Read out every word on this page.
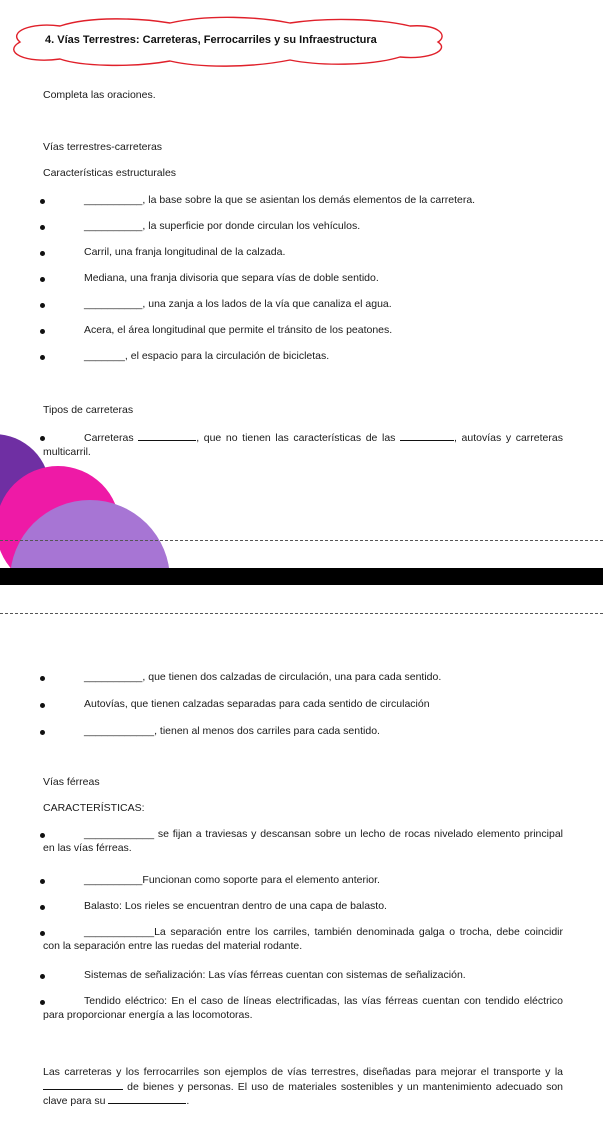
4. Vías Terrestres: Carreteras, Ferrocarriles y su Infraestructura
Completa las oraciones.
Vías terrestres-carreteras
Características estructurales
__________, la base sobre la que se asientan los demás elementos de la carretera.
__________, la superficie por donde circulan los vehículos.
Carril, una franja longitudinal de la calzada.
Mediana, una franja divisoria que separa vías de doble sentido.
__________, una zanja a los lados de la vía que canaliza el agua.
Acera, el área longitudinal que permite el tránsito de los peatones.
_______, el espacio para la circulación de bicicletas.
Tipos de carreteras
Carreteras	, que no tienen las características de las	, autovías y carreteras multicarril.
__________, que tienen dos calzadas de circulación, una para cada sentido.
Autovías, que tienen calzadas separadas para cada sentido de circulación
____________, tienen al menos dos carriles para cada sentido.
Vías férreas
CARACTERÍSTICAS:
____________ se fijan a traviesas y descansan sobre un lecho de rocas nivelado elemento principal en las vías férreas.
__________Funcionan como soporte para el elemento anterior.
Balasto: Los rieles se encuentran dentro de una capa de balasto.
____________La separación entre los carriles, también denominada galga o trocha, debe coincidir con la separación entre las ruedas del material rodante.
Sistemas de señalización: Las vías férreas cuentan con sistemas de señalización.
Tendido eléctrico: En el caso de líneas electrificadas, las vías férreas cuentan con tendido eléctrico para proporcionar energía a las locomotoras.
Las carreteras y los ferrocarriles son ejemplos de vías terrestres, diseñadas para mejorar el transporte y la  de bienes y personas. El uso de materiales sostenibles y un mantenimiento adecuado son clave para su	.
